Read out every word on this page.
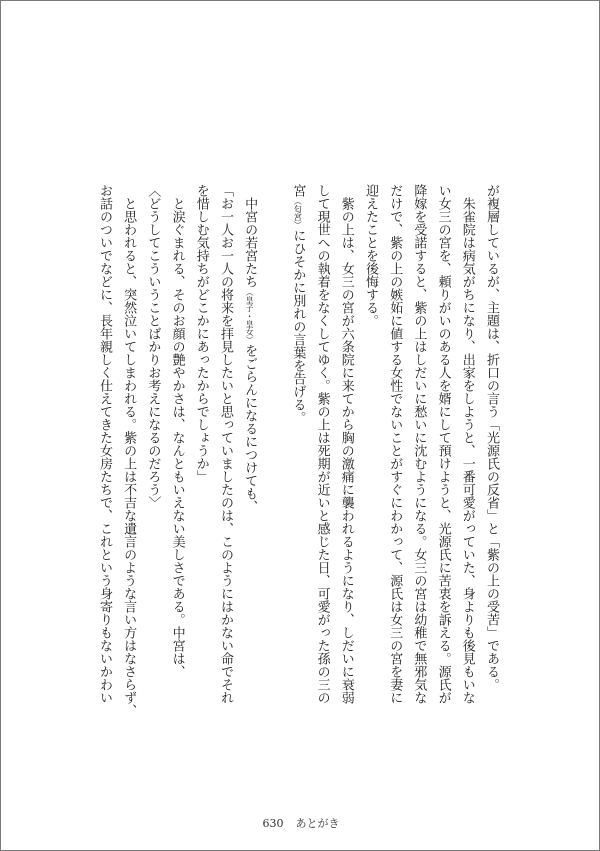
が複層しているが、主題は、折口の言う「光源氏の反省」と「紫の上の受苦」である。
　朱雀院は病気がちになり、出家をしようと、一番可愛がっていた、身よりも後見もいな
い女三の宮を、頼りがいのある人を婿にして預けようと、光源氏に苦衷を訴える。源氏が
降嫁を受諾すると、紫の上はしだいに愁いに沈むようになる。女三の宮は幼稚で無邪気な
だけで、紫の上の嫉妬に値する女性でないことがすぐにわかって、源氏は女三の宮を妻に
迎えたことを後悔する。
　紫の上は、女三の宮が六条院に来てから胸の激痛に襲われるようになり、しだいに衰弱
して現世への執着をなくしてゆく。紫の上は死期が近いと感じた日、可愛がった孫の三の
宮（匂宮）にひそかに別れの言葉を告げる。
　中宮の若宮たち（皇子・皇女）をごらんになるにつけても、
「お一人お一人の将来を拝見したいと思っていましたのは、このようにはかない命でそれ
を惜しむ気持ちがどこかにあったからでしょうか」
　と涙ぐまれる、そのお顔の艶やかさは、なんともいえない美しさである。中宮は、
〈どうしてこういうことばかりお考えになるのだろう〉
　と思われると、突然泣いてしまわれる。紫の上は不吉な遺言のような言い方はなさらず、
お話のついでなどに、長年親しく仕えてきた女房たちで、これという身寄りもないかわい
630 あとがき
